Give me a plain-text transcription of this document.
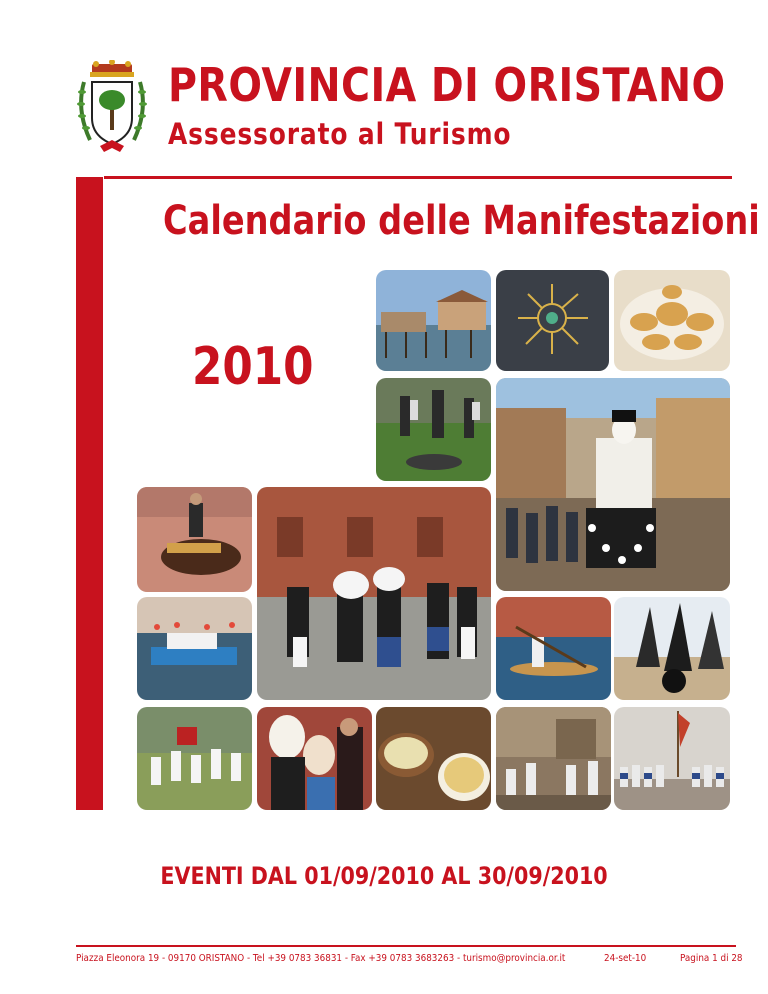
PROVINCIA DI ORISTANO
Assessorato al Turismo
Calendario delle Manifestazioni
2010
EVENTI DAL 01/09/2010 AL 30/09/2010
Piazza Eleonora 19 - 09170 ORISTANO - Tel +39 0783 36831 - Fax +39 0783 3683263 - turismo@provincia.or.it	24-set-10	Pagina 1 di 28
